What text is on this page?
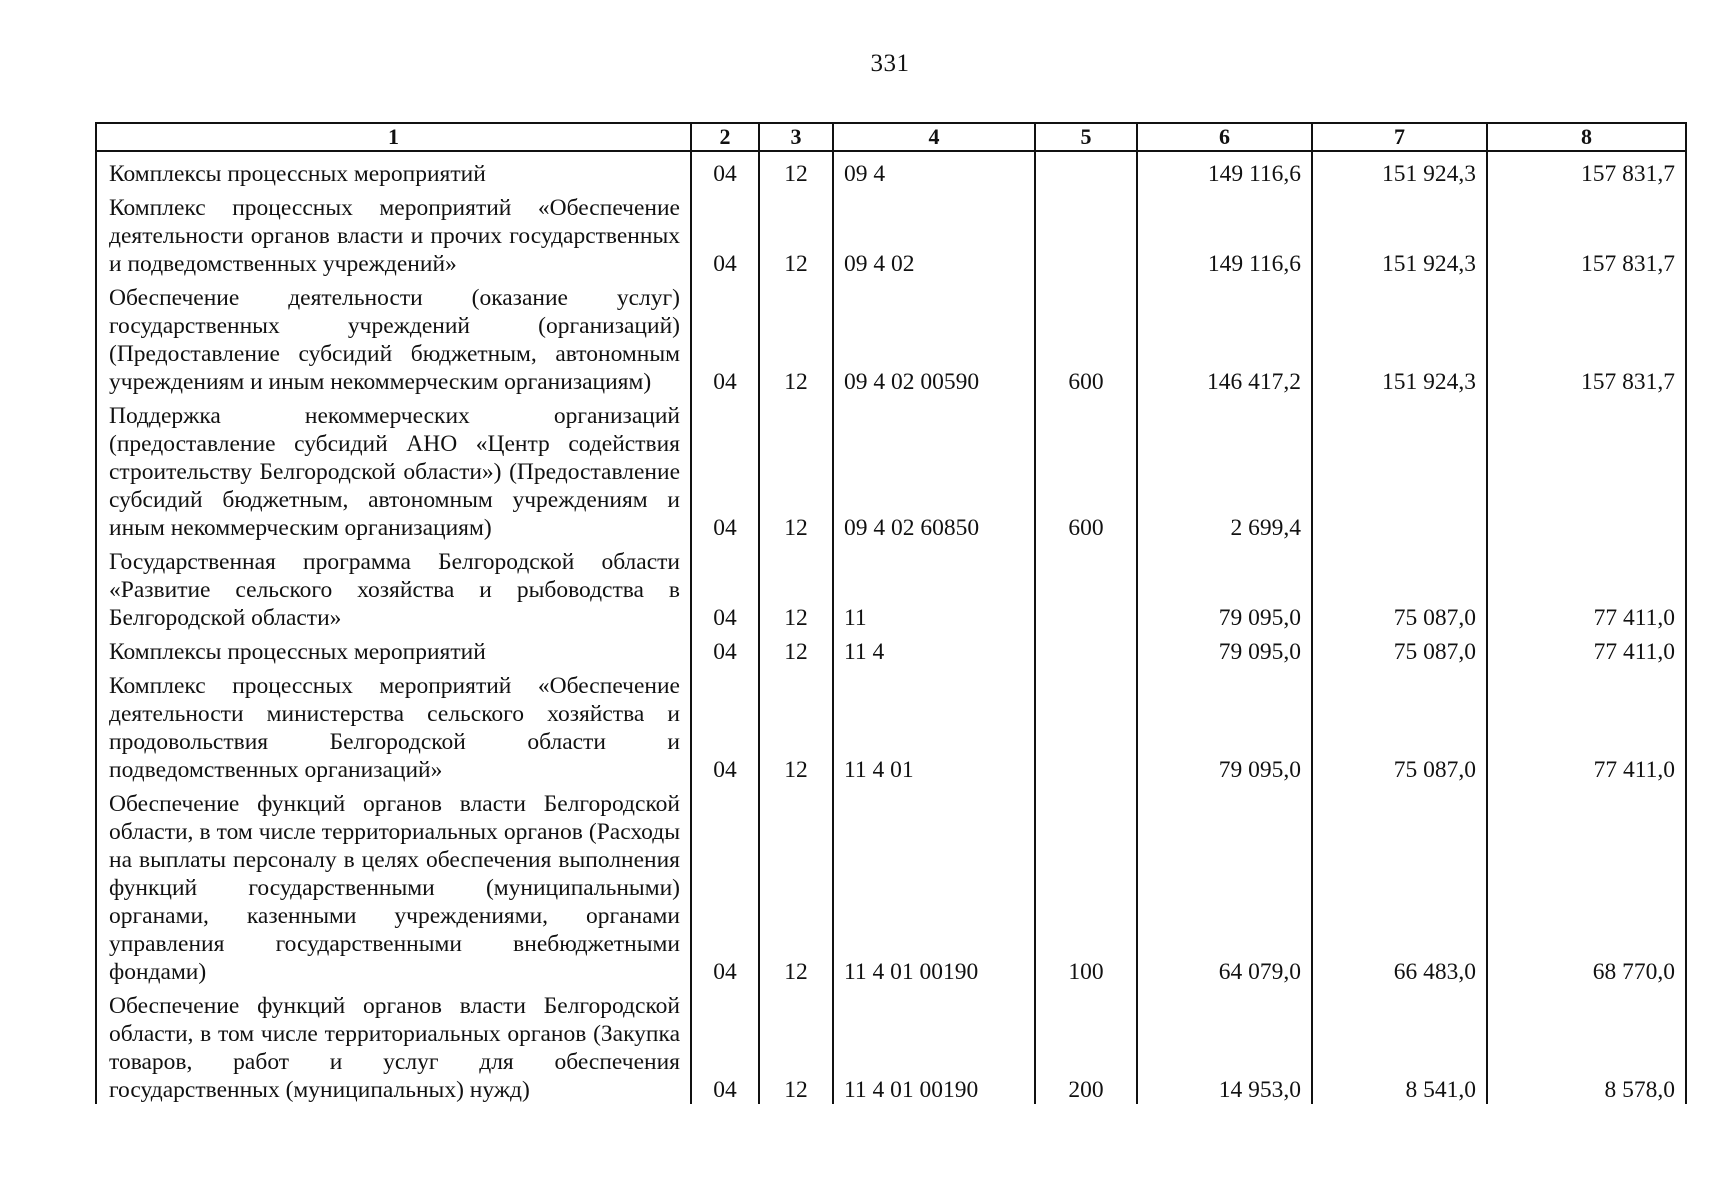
331
1	2	3	4	5	6	7	8
Комплексы процессных мероприятий	04	12	09 4		149 116,6	151 924,3	157 831,7
Комплекс процессных мероприятий «Обеспечение деятельности органов власти и прочих государственных и подведомственных учреждений»	04	12	09 4 02		149 116,6	151 924,3	157 831,7
Обеспечение деятельности (оказание услуг) государственных учреждений (организаций) (Предоставление субсидий бюджетным, автономным учреждениям и иным некоммерческим организациям)	04	12	09 4 02 00590	600	146 417,2	151 924,3	157 831,7
Поддержка некоммерческих организаций (предоставление субсидий АНО «Центр содействия строительству Белгородской области») (Предоставление субсидий бюджетным, автономным учреждениям и иным некоммерческим организациям)	04	12	09 4 02 60850	600	2 699,4		
Государственная программа Белгородской области «Развитие сельского хозяйства и рыбоводства в Белгородской области»	04	12	11		79 095,0	75 087,0	77 411,0
Комплексы процессных мероприятий	04	12	11 4		79 095,0	75 087,0	77 411,0
Комплекс процессных мероприятий «Обеспечение деятельности министерства сельского хозяйства и продовольствия Белгородской области и подведомственных организаций»	04	12	11 4 01		79 095,0	75 087,0	77 411,0
Обеспечение функций органов власти Белгородской области, в том числе территориальных органов (Расходы на выплаты персоналу в целях обеспечения выполнения функций государственными (муниципальными) органами, казенными учреждениями, органами управления государственными внебюджетными фондами)	04	12	11 4 01 00190	100	64 079,0	66 483,0	68 770,0
Обеспечение функций органов власти Белгородской области, в том числе территориальных органов (Закупка товаров, работ и услуг для обеспечения государственных (муниципальных) нужд)	04	12	11 4 01 00190	200	14 953,0	8 541,0	8 578,0
